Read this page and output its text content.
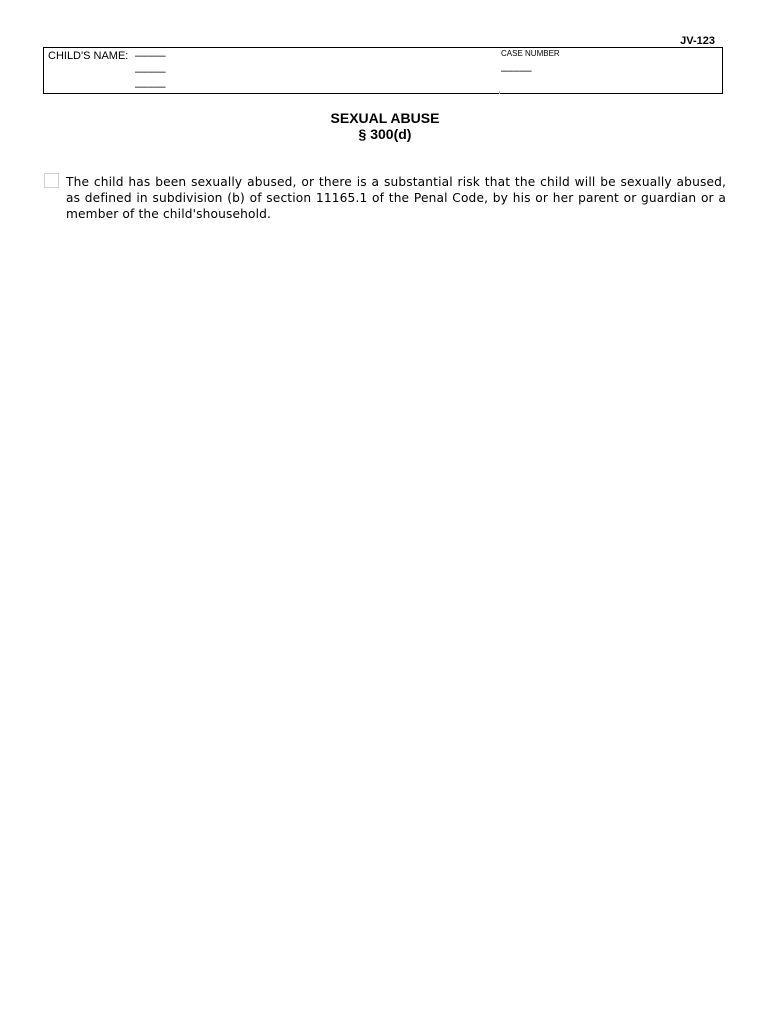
JV-123
CHILD'S NAME: –––––
–––––
–––––
CASE NUMBER
–––––
SEXUAL ABUSE
§ 300(d)
The child has been sexually abused, or there is a substantial risk that the child will be sexually abused, as defined in subdivision (b) of section 11165.1 of the Penal Code, by his or her parent or guardian or a member of the child'shousehold.
